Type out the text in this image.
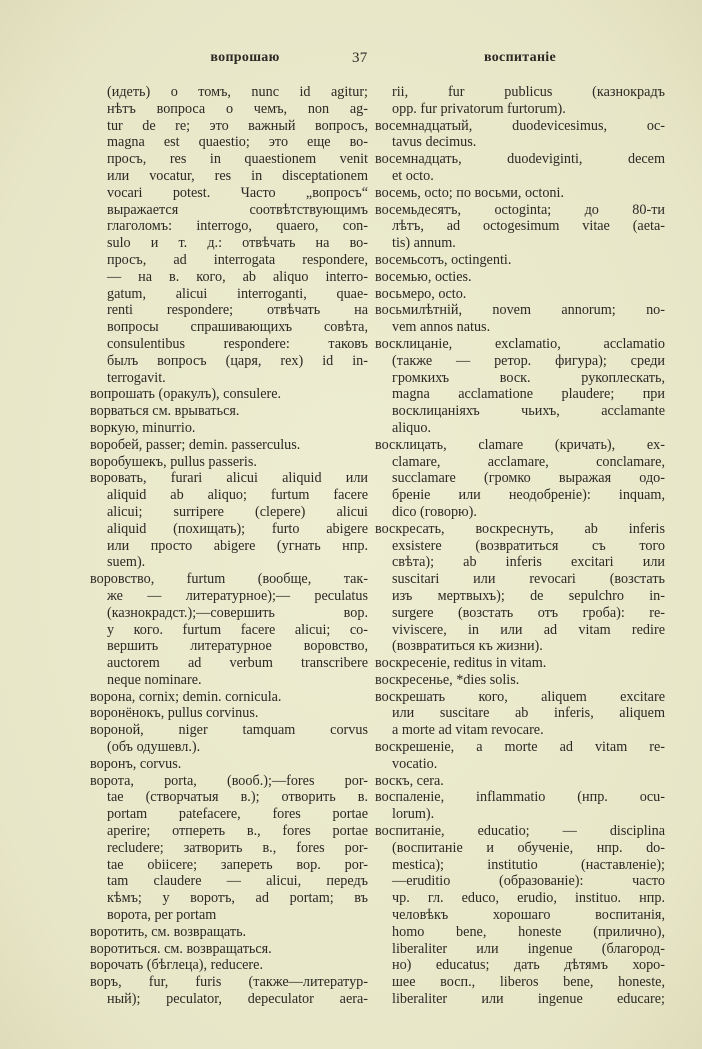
вопрошаю	37	воспитаніе
(идеть) о томъ, nunc id agitur;
нѣтъ вопроса о чемъ, non ag-
tur de re; это важный вопросъ,
magna est quaestio; это еще во-
просъ, res in quaestionem venit
или vocatur, res in disceptationem
vocari potest. Часто „вопросъ“
выражается соотвѣтствующимъ
глаголомъ: interrogo, quaero, con-
sulo и т. д.: отвѣчать на во-
просъ, ad interrogata respondere,
— на в. кого, ab aliquo interro-
gatum, alicui interroganti, quae-
renti respondere; отвѣчать на
вопросы спрашивающихъ совѣта,
consulentibus respondere: таковъ
былъ вопросъ (царя, rex) id in-
terrogavit.
вопрошать (оракулъ), consulere.
ворваться см. врываться.
воркую, minurrio.
воробей, passer; demin. passerculus.
воробушекъ, pullus passeris.
воровать, furari alicui aliquid или
aliquid ab aliquo; furtum facere
alicui; surripere (clepere) alicui
aliquid (похищать); furto abigere
или просто abigere (угнать нпр.
suem).
воровство, furtum (вообще, так-
же — литературное);— peculatus
(казнокрадст.);—совершить вор.
у кого. furtum facere alicui; со-
вершить литературное воровство,
auctorem ad verbum transcribere
neque nominare.
ворона, cornix; demin. cornicula.
воронёнокъ, pullus corvinus.
вороной, niger tamquam corvus
(объ одушевл.).
воронъ, corvus.
ворота, porta, (вооб.);—fores por-
tae (створчатыя в.); отворить в.
portam patefacere, fores portae
aperire; отпереть в., fores portae
recludere; затворить в., fores por-
tae obiicere; запереть вор. por-
tam claudere — alicui, передъ
кѣмъ; у воротъ, ad portam; въ
ворота, per portam
воротить, см. возвращать.
воротиться. см. возвращаться.
ворочать (бѣглеца), reducere.
воръ, fur, furis (также—литератур-
ный); peculator, depeculator aera-
rii, fur publicus (казнокрадъ
opp. fur privatorum furtorum).
восемнадцатый, duodevicesimus, oc-
tavus decimus.
восемнадцать, duodeviginti, decem
et octo.
восемь, octo; по восьми, octoni.
восемьдесятъ, octoginta; до 80-ти
лѣтъ, ad octogesimum vitae (aeta-
tis) annum.
восемьсотъ, octingenti.
восемью, octies.
восьмеро, octo.
восьмилѣтній, novem annorum; no-
vem annos natus.
восклицаніе, exclamatio, acclamatio
(также — ретор. фигура); среди
громкихъ воск. рукоплескать,
magna acclamatione plaudere; при
восклицаніяхъ чьихъ, acclamante
aliquo.
восклицать, clamare (кричать), ex-
clamare, acclamare, conclamare,
succlamare (громко выражая одо-
бреніе или неодобреніе): inquam,
dico (говорю).
воскресать, воскреснуть, ab inferis
exsistere (возвратиться съ того
свѣта); ab inferis excitari или
suscitari или revocari (возстать
изъ мертвыхъ); de sepulchro in-
surgere (возстать отъ гроба): re-
viviscere, in или ad vitam redire
(возвратиться къ жизни).
воскресеніе, reditus in vitam.
воскресенье, *dies solis.
воскрешать кого, aliquem excitare
или suscitare ab inferis, aliquem
a morte ad vitam revocare.
воскрешеніе, a morte ad vitam re-
vocatio.
воскъ, cera.
воспаленіе, inflammatio (нпр. ocu-
lorum).
воспитаніе, educatio; — disciplina
(воспитаніе и обученіе, нпр. do-
mestica); institutio (наставленіе);
—eruditio (образованіе): часто
чр. гл. educo, erudio, instituo. нпр.
человѣкъ хорошаго воспитанія,
homo bene, honeste (прилично),
liberaliter или ingenue (благород-
но) educatus; дать дѣтямъ хоро-
шее восп., liberos bene, honeste,
liberaliter или ingenue educare;
